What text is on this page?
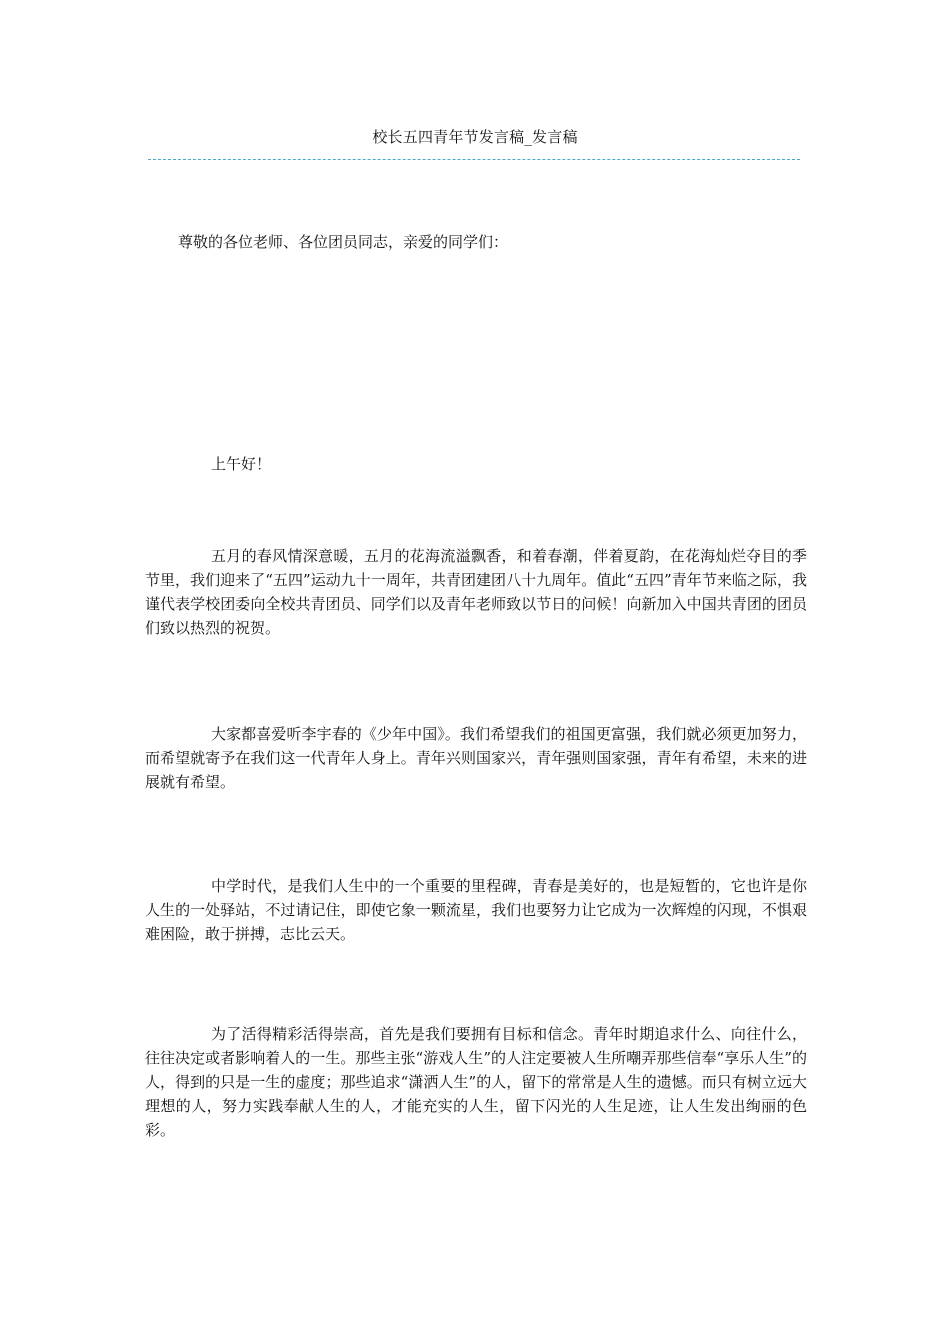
校长五四青年节发言稿_发言稿

尊敬的各位老师、各位团员同志，亲爱的同学们：

上午好！

五月的春风情深意暖，五月的花海流溢飘香，和着春潮，伴着夏韵，在花海灿烂夺目的季节里，我们迎来了“五四”运动九十一周年，共青团建团八十九周年。值此“五四”青年节来临之际，我谨代表学校团委向全校共青团员、同学们以及青年老师致以节日的问候！向新加入中国共青团的团员们致以热烈的祝贺。

大家都喜爱听李宇春的《少年中国》。我们希望我们的祖国更富强，我们就必须更加努力，而希望就寄予在我们这一代青年人身上。青年兴则国家兴，青年强则国家强，青年有希望，未来的进展就有希望。

中学时代，是我们人生中的一个重要的里程碑，青春是美好的，也是短暂的，它也许是你人生的一处驿站，不过请记住，即使它象一颗流星，我们也要努力让它成为一次辉煌的闪现，不惧艰难困险，敢于拼搏，志比云天。

为了活得精彩活得崇高，首先是我们要拥有目标和信念。青年时期追求什么、向往什么，往往决定或者影响着人的一生。那些主张“游戏人生”的人注定要被人生所嘲弄那些信奉“享乐人生”的人，得到的只是一生的虚度；那些追求“潇洒人生”的人，留下的常常是人生的遗憾。而只有树立远大理想的人，努力实践奉献人生的人，才能充实的人生，留下闪光的人生足迹，让人生发出绚丽的色彩。
